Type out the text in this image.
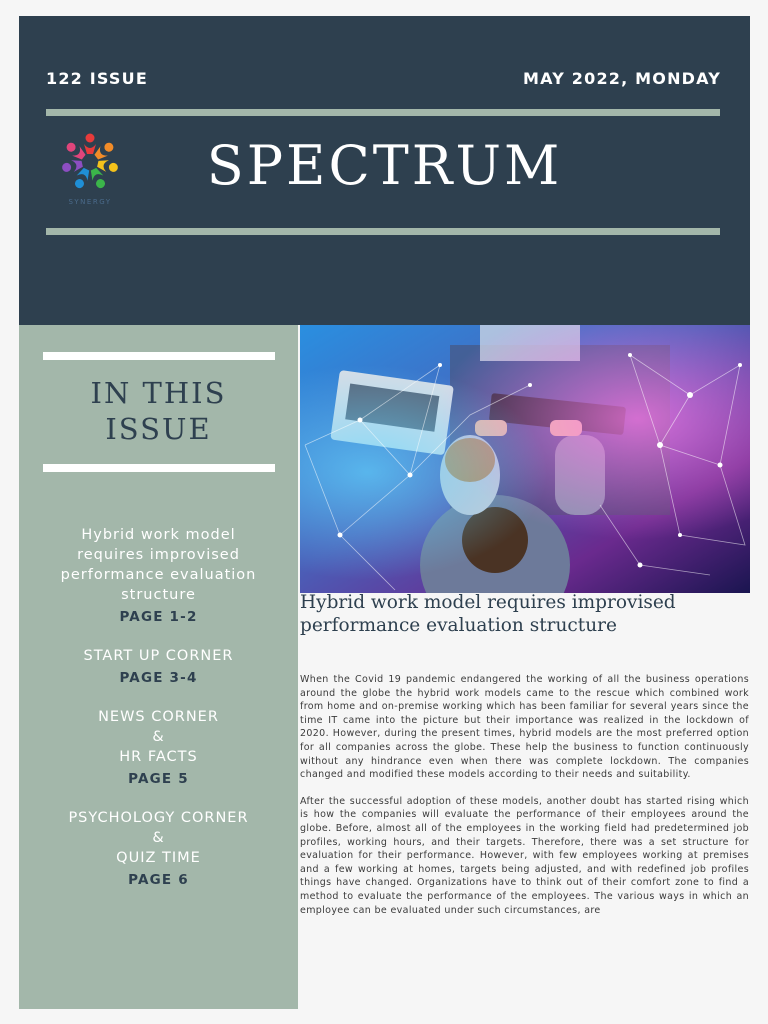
122 ISSUE	MAY 2022, MONDAY
SYNERGY
SPECTRUM
IN THIS
ISSUE
Hybrid work model
requires improvised
performance evaluation
structure
PAGE 1-2
START UP CORNER
PAGE 3-4
NEWS CORNER
&
HR FACTS
PAGE 5
PSYCHOLOGY CORNER
&
QUIZ TIME
PAGE 6
Hybrid work model requires improvised performance evaluation structure

When the Covid 19 pandemic endangered the working of all the business operations around the globe the hybrid work models came to the rescue which combined work from home and on-premise working which has been familiar for several years since the time IT came into the picture but their importance was realized in the lockdown of 2020. However, during the present times, hybrid models are the most preferred option for all companies across the globe. These help the business to function continuously without any hindrance even when there was complete lockdown. The companies changed and modified these models according to their needs and suitability.

After the successful adoption of these models, another doubt has started rising which is how the companies will evaluate the performance of their employees around the globe. Before, almost all of the employees in the working field had predetermined job profiles, working hours, and their targets. Therefore, there was a set structure for evaluation for their performance. However, with few employees working at premises and a few working at homes, targets being adjusted, and with redefined job profiles things have changed. Organizations have to think out of their comfort zone to find a method to evaluate the performance of the employees. The various ways in which an employee can be evaluated under such circumstances, are
